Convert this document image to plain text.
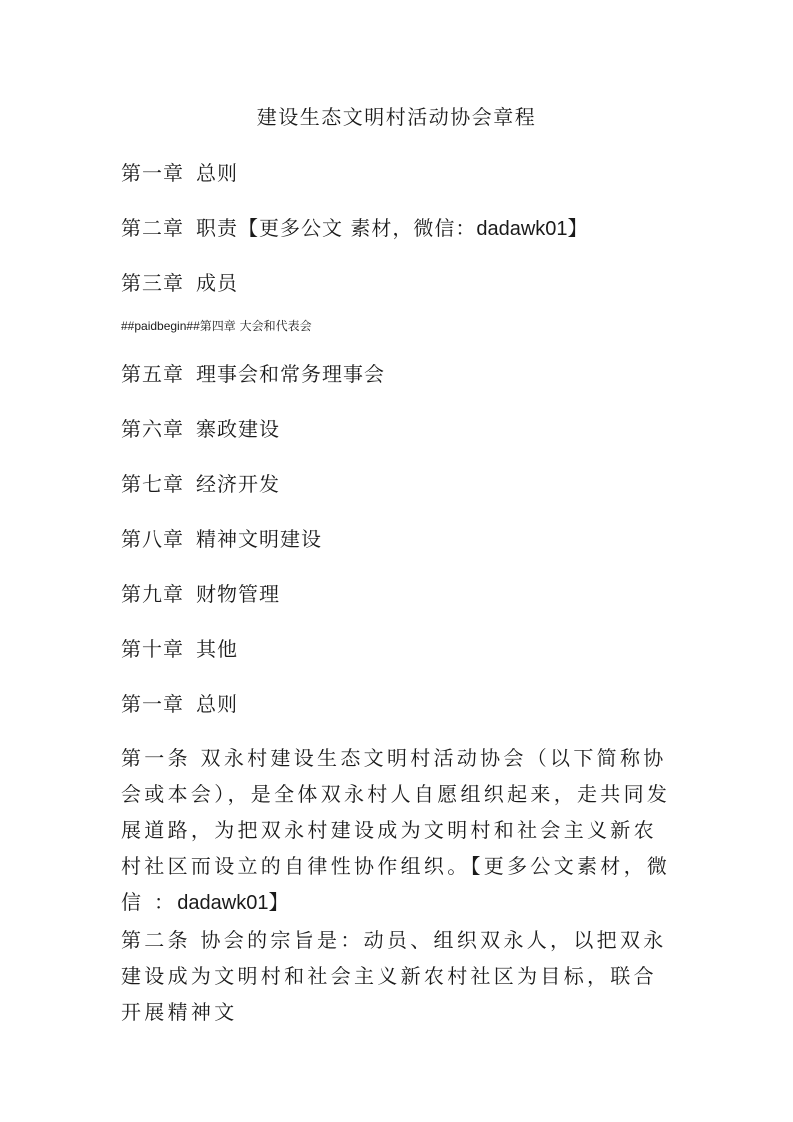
建设生态文明村活动协会章程
第一章 总则
第二章 职责【更多公文 素材，微信：dadawk01】
第三章 成员
##paidbegin##第四章 大会和代表会
第五章 理事会和常务理事会
第六章 寨政建设
第七章 经济开发
第八章 精神文明建设
第九章 财物管理
第十章 其他
第一章 总则
第一条 双永村建设生态文明村活动协会（以下简称协会或本会），是全体双永村人自愿组织起来，走共同发展道路，为把双永村建设成为文明村和社会主义新农村社区而设立的自律性协作组织。【更多公文素材，微信 ：dadawk01】
第二条 协会的宗旨是：动员、组织双永人，以把双永建设成为文明村和社会主义新农村社区为目标，联合开展精神文
